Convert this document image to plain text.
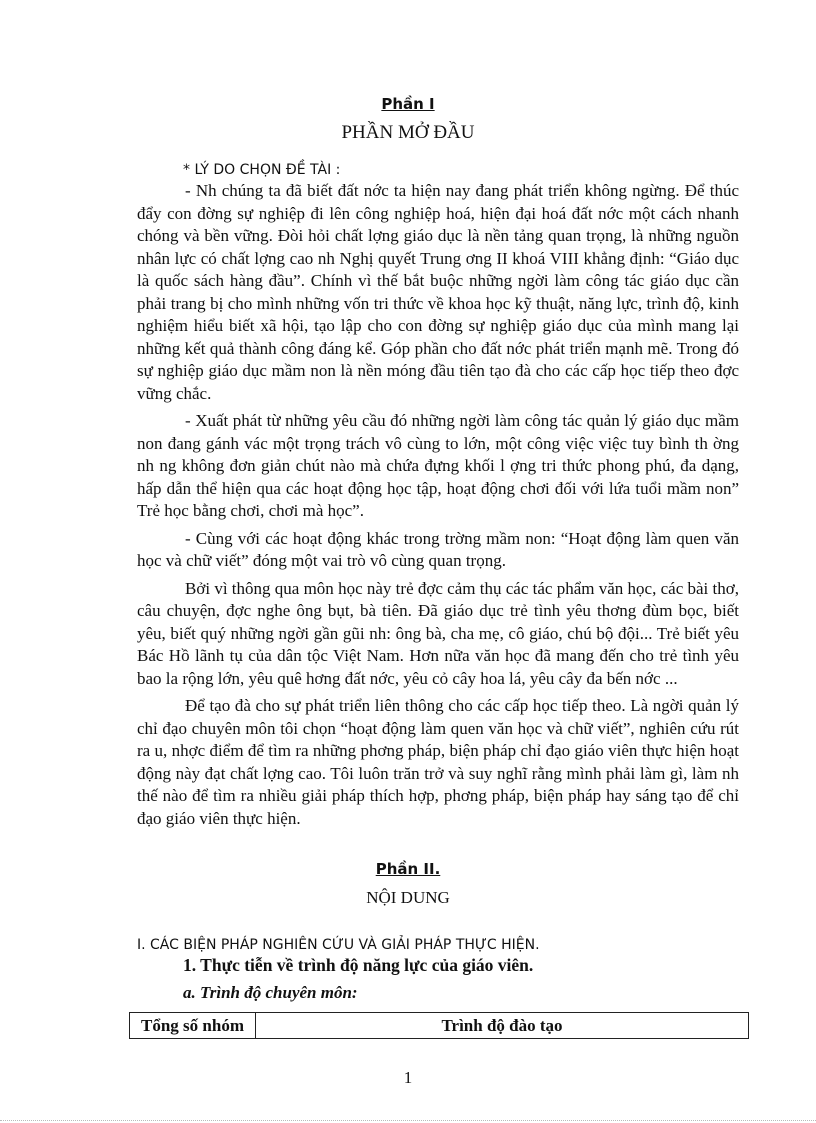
Phần I
PHẦN MỞ ĐẦU
* LÝ DO CHỌN ĐỀ TÀI :

- Nh chúng ta đã biết đất nớc ta hiện nay đang phát triển không ngừng. Để thúc đẩy con đờng sự nghiệp đi lên công nghiệp hoá, hiện đại hoá đất nớc một cách nhanh chóng và bền vững. Đòi hỏi chất lợng giáo dục là nền tảng quan trọng, là những nguồn nhân lực có chất lợng cao nh Nghị quyết Trung ơng II khoá VIII khẳng định: “Giáo dục là quốc sách hàng đầu”. Chính vì thế bắt buộc những ngời làm công tác giáo dục cần phải trang bị cho mình những vốn tri thức về khoa học kỹ thuật, năng lực, trình độ, kinh nghiệm hiểu biết xã hội, tạo lập cho con đờng sự nghiệp giáo dục của mình mang lại những kết quả thành công đáng kể. Góp phần cho đất nớc phát triển mạnh mẽ. Trong đó sự nghiệp giáo dục mầm non là nền móng đầu tiên tạo đà cho các cấp học tiếp theo đợc vững chắc.

- Xuất phát từ những yêu cầu đó những ngời làm công tác quản lý giáo dục mầm non đang gánh vác một trọng trách vô cùng to lớn, một công việc việc tuy bình th ờng nh ng không đơn giản chút nào mà chứa đựng khối l ợng tri thức phong phú, đa dạng, hấp dẫn thể hiện qua các hoạt động học tập, hoạt động chơi đối với lứa tuổi mầm non” Trẻ học bằng chơi, chơi mà học”.

- Cùng với các hoạt động khác trong trờng mầm non: “Hoạt động làm quen văn học và chữ viết” đóng một vai trò vô cùng quan trọng.

Bởi vì thông qua môn học này trẻ đợc cảm thụ các tác phẩm văn học, các bài thơ, câu chuyện, đợc nghe ông bụt, bà tiên. Đã giáo dục trẻ tình yêu thơng đùm bọc, biết yêu, biết quý những ngời gần gũi nh: ông bà, cha mẹ, cô giáo, chú bộ đội... Trẻ biết yêu Bác Hồ lãnh tụ của dân tộc Việt Nam. Hơn nữa văn học đã mang đến cho trẻ tình yêu bao la rộng lớn, yêu quê hơng đất nớc, yêu cỏ cây hoa lá, yêu cây đa bến nớc ...

Để tạo đà cho sự phát triển liên thông cho các cấp học tiếp theo. Là ngời quản lý chỉ đạo chuyên môn tôi chọn “hoạt động làm quen văn học và chữ viết”, nghiên cứu rút ra u, nhợc điểm để tìm ra những phơng pháp, biện pháp chỉ đạo giáo viên thực hiện hoạt động này đạt chất lợng cao. Tôi luôn trăn trở và suy nghĩ rằng mình phải làm gì, làm nh thế nào để tìm ra nhiều giải pháp thích hợp, phơng pháp, biện pháp hay sáng tạo để chỉ đạo giáo viên thực hiện.

Phần II.
NỘI DUNG
I. CÁC BIỆN PHÁP NGHIÊN CỨU VÀ GIẢI PHÁP THỰC HIỆN.
1. Thực tiễn về trình độ năng lực của giáo viên.
a. Trình độ chuyên môn:
Tổng số nhóm	Trình độ đào tạo
1
